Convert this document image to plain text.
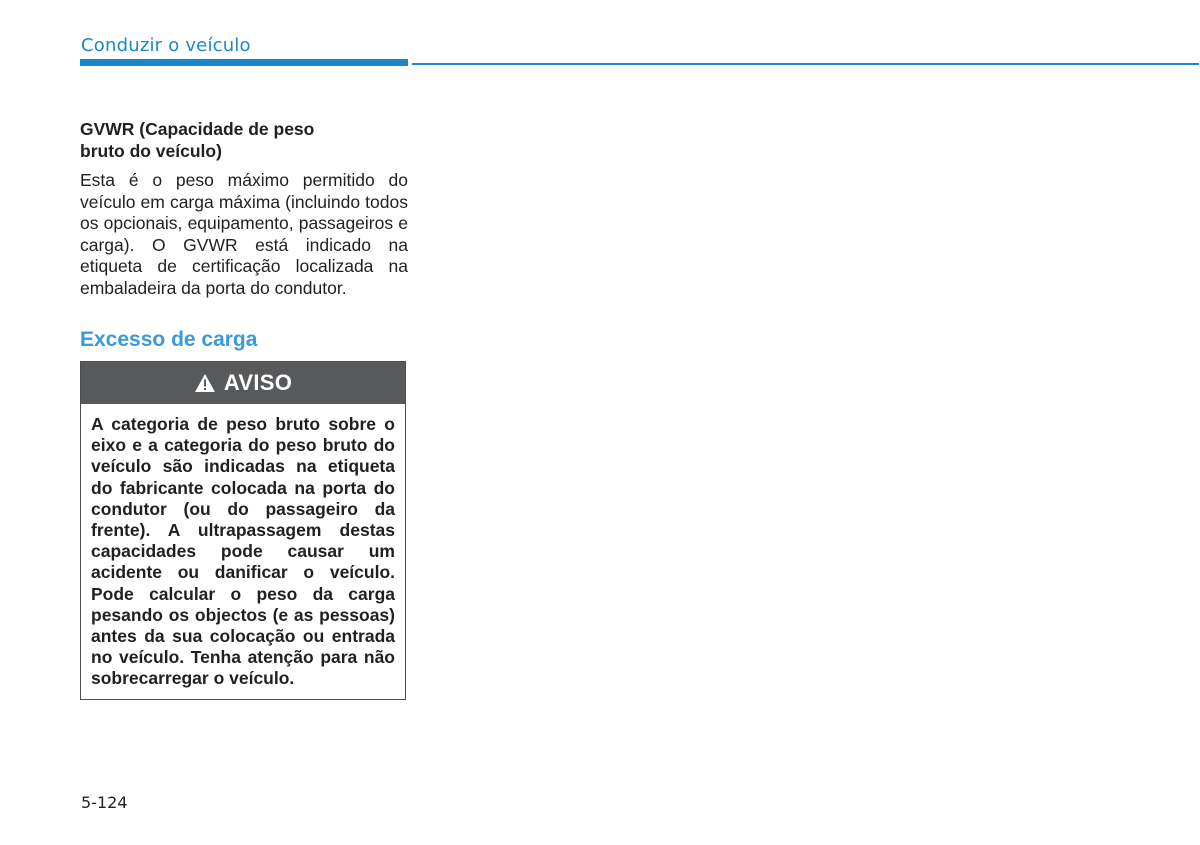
Conduzir o veículo
GVWR (Capacidade de peso
bruto do veículo)

Esta é o peso máximo permitido do veículo em carga máxima (incluindo todos os opcionais, equipamento, passageiros e carga). O GVWR está indicado na etiqueta de certificação localizada na embaladeira da porta do condutor.

Excesso de carga
AVISO
A categoria de peso bruto sobre o eixo e a categoria do peso bruto do veículo são indicadas na etiqueta do fabricante colocada na porta do condutor (ou do passageiro da frente). A ultrapassagem destas capacidades pode causar um acidente ou danificar o veículo. Pode calcular o peso da carga pesando os objectos (e as pessoas) antes da sua colocação ou entrada no veículo. Tenha atenção para não sobrecarregar o veículo.
5-124
